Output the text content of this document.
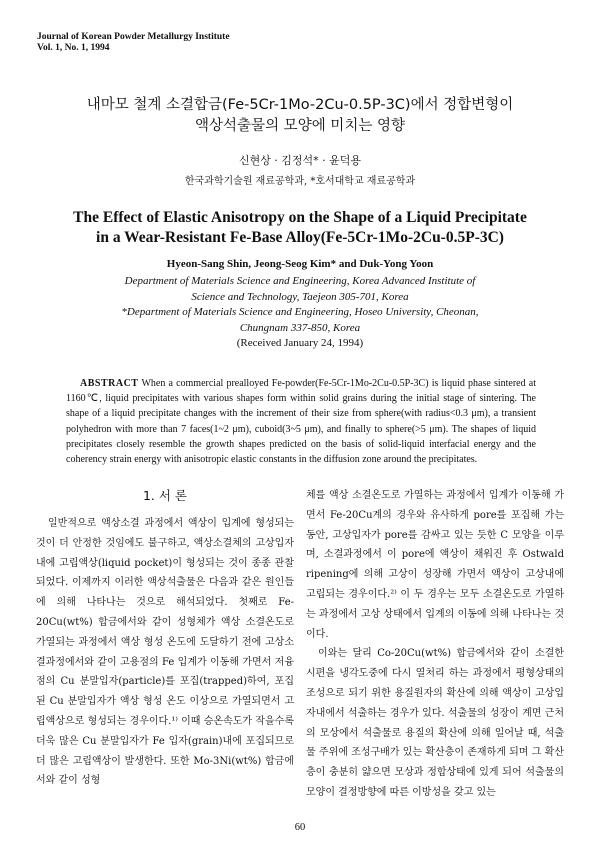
Journal of Korean Powder Metallurgy Institute
Vol. 1, No. 1, 1994
내마모 철계 소결합금(Fe-5Cr-1Mo-2Cu-0.5P-3C)에서 정합변형이
액상석출물의 모양에 미치는 영향
신현상 · 김정석* · 윤덕용
한국과학기술원 재료공학과, *호서대학교 재료공학과
The Effect of Elastic Anisotropy on the Shape of a Liquid Precipitate
in a Wear-Resistant Fe-Base Alloy(Fe-5Cr-1Mo-2Cu-0.5P-3C)
Hyeon-Sang Shin, Jeong-Seog Kim* and Duk-Yong Yoon
Department of Materials Science and Engineering, Korea Advanced Institute of
Science and Technology, Taejeon 305-701, Korea
*Department of Materials Science and Engineering, Hoseo University, Cheonan,
Chungnam 337-850, Korea
(Received January 24, 1994)
ABSTRACT When a commercial prealloyed Fe-powder(Fe-5Cr-1Mo-2Cu-0.5P-3C) is liquid phase sintered at 1160℃, liquid precipitates with various shapes form within solid grains during the initial stage of sintering. The shape of a liquid precipitate changes with the increment of their size from sphere(with radius<0.3 μm), a transient polyhedron with more than 7 faces(1~2 μm), cuboid(3~5 μm), and finally to sphere(>5 μm). The shapes of liquid precipitates closely resemble the growth shapes predicted on the basis of solid-liquid interfacial energy and the coherency strain energy with anisotropic elastic constants in the diffusion zone around the precipitates.
1. 서 론

일반적으로 액상소결 과정에서 액상이 입계에 형성되는 것이 더 안정한 것임에도 불구하고, 액상소결체의 고상입자 내에 고립액상(liquid pocket)이 형성되는 것이 종종 관찰되었다. 이제까지 이러한 액상석출물은 다음과 같은 원인들에 의해 나타나는 것으로 해석되었다. 첫째로 Fe-20Cu(wt%) 합금에서와 같이 성형체가 액상 소결온도로 가열되는 과정에서 액상 형성 온도에 도달하기 전에 고상소결과정에서와 같이 고용점의 Fe 입계가 이동해 가면서 저융점의 Cu 분말입자(particle)를 포집(trapped)하여, 포집된 Cu 분말입자가 액상 형성 온도 이상으로 가열되면서 고립액상으로 형성되는 경우이다.¹⁾ 이때 승온속도가 작을수록 더욱 많은 Cu 분말입자가 Fe 입자(grain)내에 포집되므로 더 많은 고립액상이 발생한다. 또한 Mo-3Ni(wt%) 합금에서와 같이 성형

체를 액상 소결온도로 가열하는 과정에서 입계가 이동해 가면서 Fe-20Cu계의 경우와 유사하게 pore를 포집해 가는 동안, 고상입자가 pore를 감싸고 있는 듯한 C 모양을 이루며, 소결과정에서 이 pore에 액상이 채워진 후 Ostwald ripening에 의해 고상이 성장해 가면서 액상이 고상내에 고립되는 경우이다.²⁾ 이 두 경우는 모두 소결온도로 가열하는 과정에서 고상 상태에서 입계의 이동에 의해 나타나는 것이다.

이와는 달리 Co-20Cu(wt%) 합금에서와 같이 소결한 시편을 냉각도중에 다시 열처리 하는 과정에서 평형상태의 조성으로 되기 위한 용질원자의 확산에 의해 액상이 고상입자내에서 석출하는 경우가 있다. 석출물의 성장이 계면 근처의 모상에서 석출물로 용질의 확산에 의해 일어날 때, 석출물 주위에 조성구배가 있는 확산층이 존재하게 되며 그 확산층이 충분히 얇으면 모상과 정합상태에 있게 되어 석출물의 모양이 결정방향에 따른 이방성을 갖고 있는

60
